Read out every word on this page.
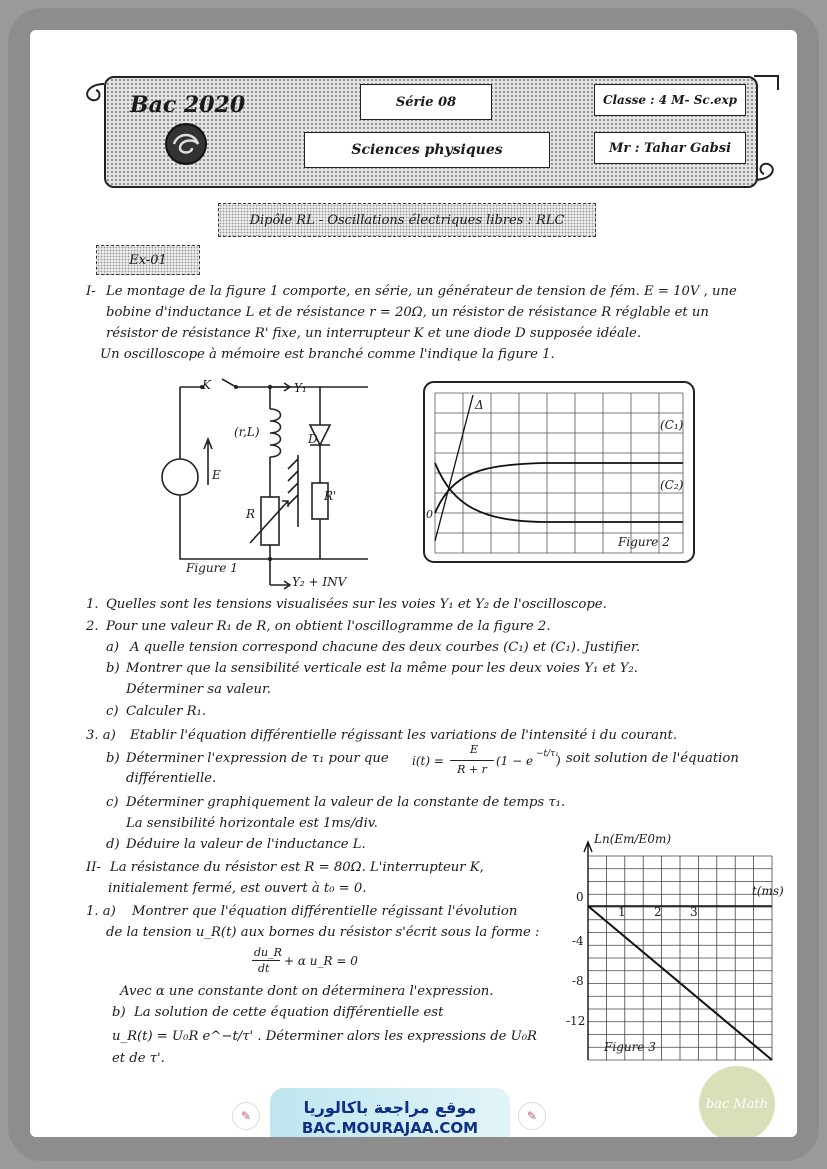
Bac 2020	Série 08
Sciences physiques
Classe : 4 M- Sc.exp
Mr : Tahar Gabsi
Dipôle RL - Oscillations électriques libres : RLC
Ex-01
I- Le montage de la figure 1 comporte, en série, un générateur de tension de fém. E = 10V , une
bobine d'inductance L et de résistance r = 20Ω, un résistor de résistance R réglable et un
résistor de résistance R' fixe, un interrupteur K et une diode D supposée idéale.
Un oscilloscope à mémoire est branché comme l'indique la figure 1.
K	Y₁
(r,L)	D
E
R
R'
Figure 1
Y₂ + INV
Δ
(C₁)
(C₂)
0
Figure 2
1. Quelles sont les tensions visualisées sur les voies Y₁ et Y₂ de l'oscilloscope.
2. Pour une valeur R₁ de R, on obtient l'oscillogramme de la figure 2.
a) A quelle tension correspond chacune des deux courbes (C₁) et (C₁). Justifier.
b) Montrer que la sensibilité verticale est la même pour les deux voies Y₁ et Y₂.
Déterminer sa valeur.
c) Calculer R₁.
3. a) Etablir l'équation différentielle régissant les variations de l'intensité i du courant.
b) Déterminer l'expression de τ₁ pour que i(t) =
E
R + r
(1 − e −t/τ₁
) soit solution de l'équation
différentielle.
c) Déterminer graphiquement la valeur de la constante de temps τ₁.
La sensibilité horizontale est 1ms/div.
d) Déduire la valeur de l'inductance L.
II- La résistance du résistor est R = 80Ω. L'interrupteur K,
initialement fermé, est ouvert à t₀ = 0.
1. a) Montrer que l'équation différentielle régissant l'évolution
de la tension u_R(t) aux bornes du résistor s'écrit sous la forme :
du_R
dt
+ α u_R = 0
Avec α une constante dont on déterminera l'expression.
b) La solution de cette équation différentielle est
u_R(t) = U₀R e^−t/τ' . Déterminer alors les expressions de U₀R
et de τ'.
Ln(Em/E0m)
t(ms)
1 2 3
0
-4
-8
-12
Figure 3
✎	موقع مراجعة باكالوريا
BAC.MOURAJAA.COM
✎
bac Math
